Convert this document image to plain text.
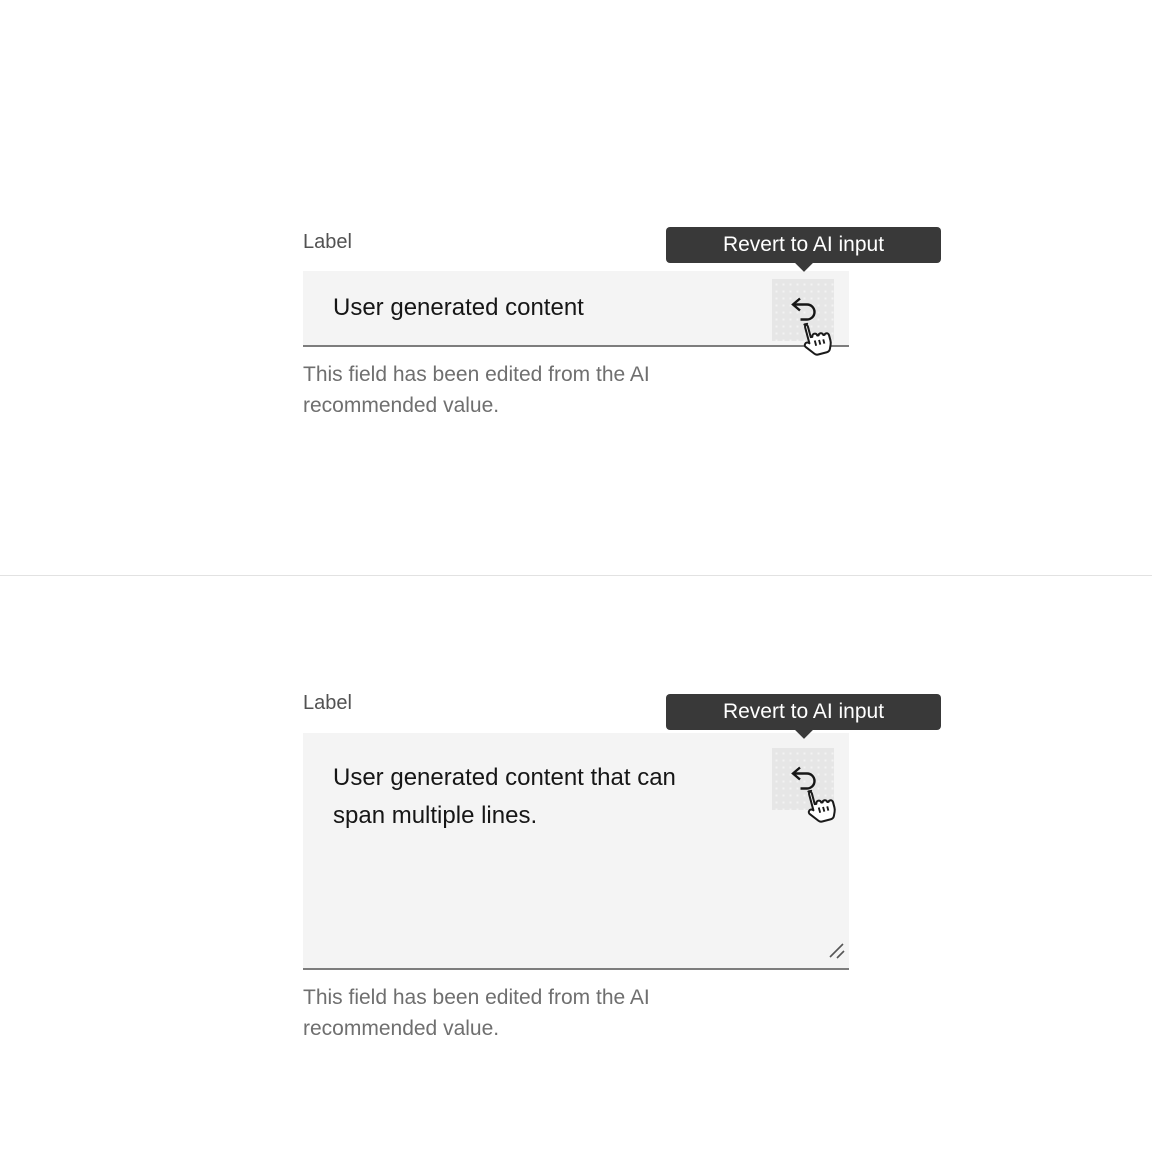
Label	Revert to AI input
User generated content
This field has been edited from the AI recommended value.
Label	Revert to AI input
User generated content that can span multiple lines.
This field has been edited from the AI recommended value.
